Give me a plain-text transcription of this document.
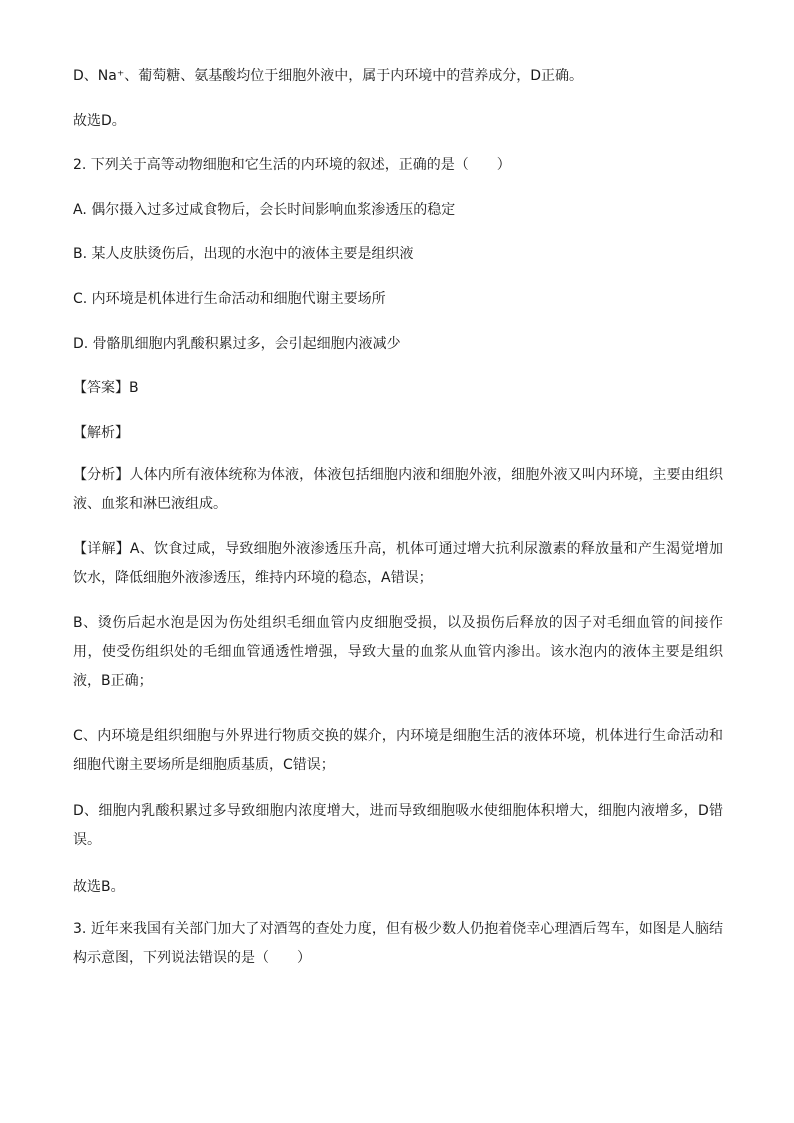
D、Na⁺、葡萄糖、氨基酸均位于细胞外液中，属于内环境中的营养成分，D正确。
故选D。
2. 下列关于高等动物细胞和它生活的内环境的叙述，正确的是（　　）
A. 偶尔摄入过多过咸食物后，会长时间影响血浆渗透压的稳定
B. 某人皮肤烫伤后，出现的水泡中的液体主要是组织液
C. 内环境是机体进行生命活动和细胞代谢主要场所
D. 骨骼肌细胞内乳酸积累过多，会引起细胞内液减少
【答案】B
【解析】
【分析】人体内所有液体统称为体液，体液包括细胞内液和细胞外液，细胞外液又叫内环境，主要由组织液、血浆和淋巴液组成。
【详解】A、饮食过咸，导致细胞外液渗透压升高，机体可通过增大抗利尿激素的释放量和产生渴觉增加饮水，降低细胞外液渗透压，维持内环境的稳态，A错误；
B、烫伤后起水泡是因为伤处组织毛细血管内皮细胞受损，以及损伤后释放的因子对毛细血管的间接作用，使受伤组织处的毛细血管通透性增强，导致大量的血浆从血管内渗出。该水泡内的液体主要是组织液，B正确；
C、内环境是组织细胞与外界进行物质交换的媒介，内环境是细胞生活的液体环境，机体进行生命活动和细胞代谢主要场所是细胞质基质，C错误；
D、细胞内乳酸积累过多导致细胞内浓度增大，进而导致细胞吸水使细胞体积增大，细胞内液增多，D错误。
故选B。
3. 近年来我国有关部门加大了对酒驾的查处力度，但有极少数人仍抱着侥幸心理酒后驾车，如图是人脑结构示意图，下列说法错误的是（　　）
